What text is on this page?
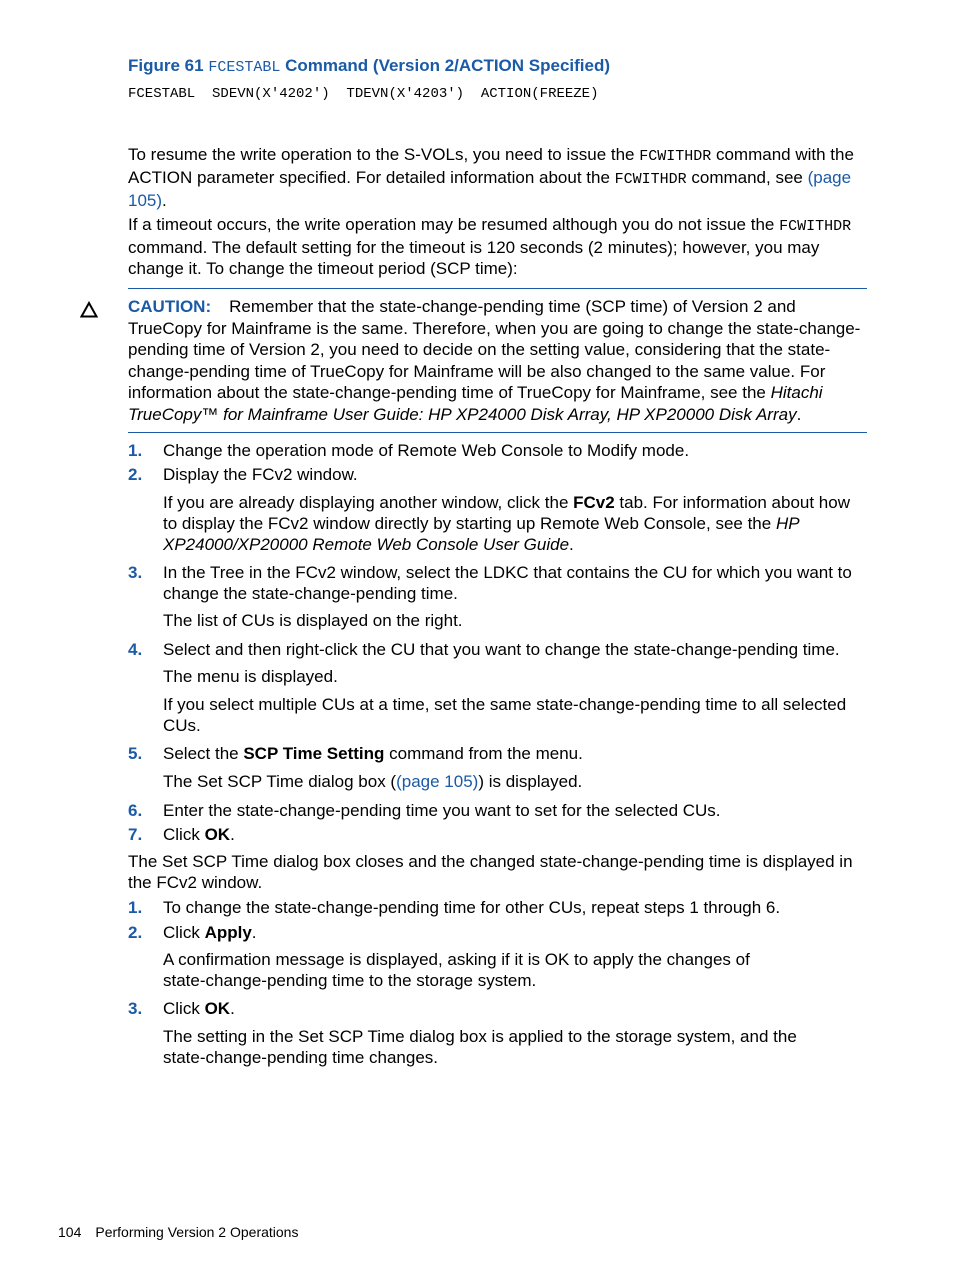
Figure 61 FCESTABL Command (Version 2/ACTION Specified)
FCESTABL  SDEVN(X'4202')  TDEVN(X'4203')  ACTION(FREEZE)

To resume the write operation to the S-VOLs, you need to issue the FCWITHDR command with the ACTION parameter specified. For detailed information about the FCWITHDR command, see (page 105).

If a timeout occurs, the write operation may be resumed although you do not issue the FCWITHDR command. The default setting for the timeout is 120 seconds (2 minutes); however, you may change it. To change the timeout period (SCP time):

CAUTION: Remember that the state-change-pending time (SCP time) of Version 2 and TrueCopy for Mainframe is the same. Therefore, when you are going to change the state-change-pending time of Version 2, you need to decide on the setting value, considering that the state-change-pending time of TrueCopy for Mainframe will be also changed to the same value. For information about the state-change-pending time of TrueCopy for Mainframe, see the Hitachi TrueCopy™ for Mainframe User Guide: HP XP24000 Disk Array, HP XP20000 Disk Array.

1. Change the operation mode of Remote Web Console to Modify mode.
2. Display the FCv2 window.

If you are already displaying another window, click the FCv2 tab. For information about how to display the FCv2 window directly by starting up Remote Web Console, see the HP XP24000/XP20000 Remote Web Console User Guide.

3. In the Tree in the FCv2 window, select the LDKC that contains the CU for which you want to change the state-change-pending time.

The list of CUs is displayed on the right.

4. Select and then right-click the CU that you want to change the state-change-pending time.

The menu is displayed.

If you select multiple CUs at a time, set the same state-change-pending time to all selected CUs.

5. Select the SCP Time Setting command from the menu.

The Set SCP Time dialog box ((page 105)) is displayed.

6. Enter the state-change-pending time you want to set for the selected CUs.
7. Click OK.

The Set SCP Time dialog box closes and the changed state-change-pending time is displayed in the FCv2 window.

1. To change the state-change-pending time for other CUs, repeat steps 1 through 6.
2. Click Apply.

A confirmation message is displayed, asking if it is OK to apply the changes of state-change-pending time to the storage system.

3. Click OK.

The setting in the Set SCP Time dialog box is applied to the storage system, and the state-change-pending time changes.

104 Performing Version 2 Operations
